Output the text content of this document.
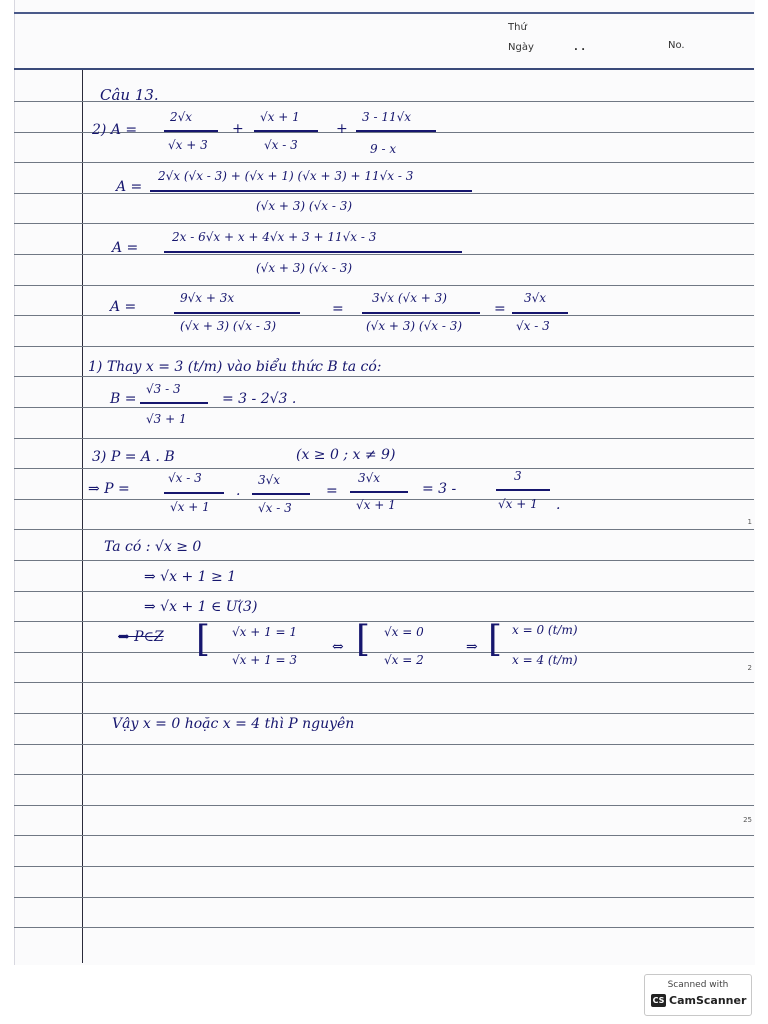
Thứ
Ngày	. .	No.
1
2
25
Câu 13.
2) A =
2√x
√x + 3
+
√x + 1
√x - 3
+
3 - 11√x
9 - x
A =
2√x (√x - 3) + (√x + 1) (√x + 3) + 11√x - 3
(√x + 3) (√x - 3)
A =
2x - 6√x + x + 4√x + 3 + 11√x - 3
(√x + 3) (√x - 3)
A =
9√x + 3x
(√x + 3) (√x - 3)
=
3√x (√x + 3)
(√x + 3) (√x - 3)
=
3√x
√x - 3
1) Thay x = 3 (t/m) vào biểu thức B ta có:
B =
√3 - 3
√3 + 1
= 3 - 2√3 .
3) P = A . B	(x ≥ 0 ; x ≠ 9)
⇒ P =
√x - 3
√x + 1
.
3√x
√x - 3
=
3√x
√x + 1
= 3 -
3
√x + 1 .
Ta có : √x ≥ 0
⇒ √x + 1 ≥ 1
⇒ √x + 1 ∈ Ư(3)
⇒ P∈Z [ √x + 1 = 1
√x + 1 = 3
⇔ [ √x = 0
√x = 2
⇒ [ x = 0 (t/m)
x = 4 (t/m)
Vậy x = 0 hoặc x = 4 thì P nguyên
Scanned with
CS CamScanner
